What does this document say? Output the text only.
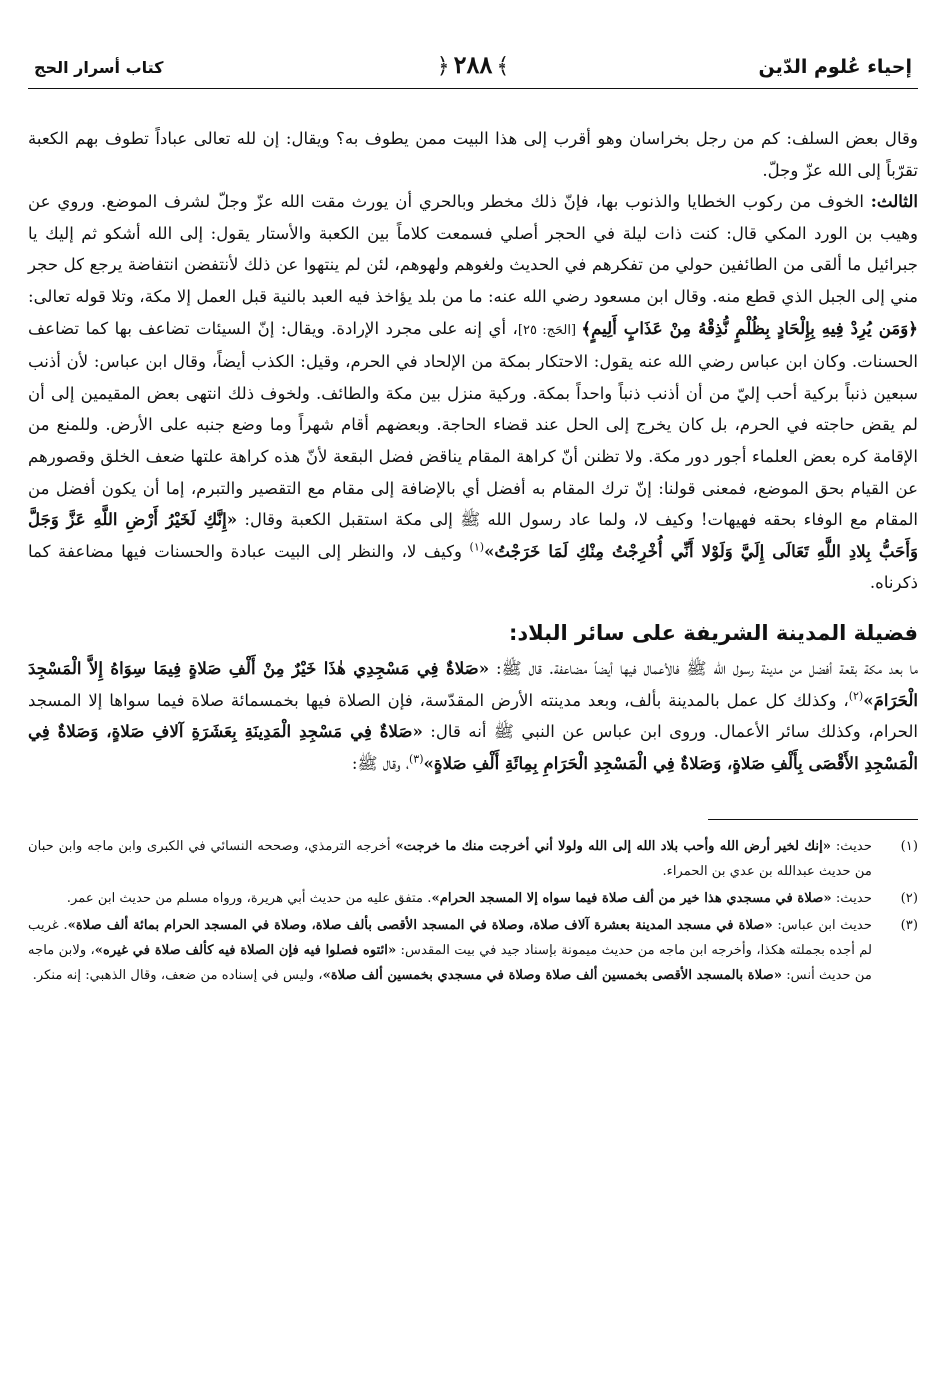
إحياء عُلوم الدّين
﴾٢٨٨﴿
كتاب أسرار الحج

وقال بعض السلف: كم من رجل بخراسان وهو أقرب إلى هذا البيت ممن يطوف به؟ ويقال: إن لله تعالى عباداً تطوف بهم الكعبة تقرّباً إلى الله عزّ وجلّ.

الثالث: الخوف من ركوب الخطايا والذنوب بها، فإنّ ذلك مخطر وبالحري أن يورث مقت الله عزّ وجلّ لشرف الموضع. وروي عن وهيب بن الورد المكي قال: كنت ذات ليلة في الحجر أصلي فسمعت كلاماً بين الكعبة والأستار يقول: إلى الله أشكو ثم إليك يا جبرائيل ما ألقى من الطائفين حولي من تفكرهم في الحديث ولغوهم ولهوهم، لئن لم ينتهوا عن ذلك لأنتفضن انتفاضة يرجع كل حجر مني إلى الجبل الذي قطع منه. وقال ابن مسعود رضي الله عنه: ما من بلد يؤاخذ فيه العبد بالنية قبل العمل إلا مكة، وتلا قوله تعالى: ﴿وَمَن يُرِدْ فِيهِ بِإِلْحَادٍ بِظُلْمٍ نُّذِقْهُ مِنْ عَذَابٍ أَلِيمٍ﴾ [الحَج: ٢٥]، أي إنه على مجرد الإرادة. ويقال: إنّ السيئات تضاعف بها كما تضاعف الحسنات. وكان ابن عباس رضي الله عنه يقول: الاحتكار بمكة من الإلحاد في الحرم، وقيل: الكذب أيضاً، وقال ابن عباس: لأن أذنب سبعين ذنباً بركية أحب إليّ من أن أذنب ذنباً واحداً بمكة. وركية منزل بين مكة والطائف. ولخوف ذلك انتهى بعض المقيمين إلى أن لم يقض حاجته في الحرم، بل كان يخرج إلى الحل عند قضاء الحاجة. وبعضهم أقام شهراً وما وضع جنبه على الأرض. وللمنع من الإقامة كره بعض العلماء أجور دور مكة. ولا تظنن أنّ كراهة المقام يناقض فضل البقعة لأنّ هذه كراهة علتها ضعف الخلق وقصورهم عن القيام بحق الموضع، فمعنى قولنا: إنّ ترك المقام به أفضل أي بالإضافة إلى مقام مع التقصير والتبرم، إما أن يكون أفضل من المقام مع الوفاء بحقه فهيهات! وكيف لا، ولما عاد رسول الله ﷺ إلى مكة استقبل الكعبة وقال: «إِنَّكِ لَخَيْرُ أَرْضِ اللَّهِ عَزَّ وَجَلَّ وَأَحَبُّ بِلادِ اللَّهِ تَعَالَى إِلَيَّ وَلَوْلا أَنِّي أُخْرِجْتُ مِنْكِ لَمَا خَرَجْتُ»$^{(١)}$ وكيف لا، والنظر إلى البيت عبادة والحسنات فيها مضاعفة كما ذكرناه.

فضيلة المدينة الشريفة على سائر البلاد:

ما بعد مكة بقعة أفضل من مدينة رسول الله ﷺ فالأعمال فيها أيضاً مضاعفة. قال ﷺ: «صَلاةٌ فِي مَسْجِدِي هٰذَا خَيْرٌ مِنْ أَلْفِ صَلاةٍ فِيمَا سِوَاهُ إِلاَّ الْمَسْجِدَ الْحَرَامَ»$^{(٢)}$، وكذلك كل عمل بالمدينة بألف، وبعد مدينته الأرض المقدّسة، فإن الصلاة فيها بخمسمائة صلاة فيما سواها إلا المسجد الحرام، وكذلك سائر الأعمال. وروى ابن عباس عن النبي ﷺ أنه قال: «صَلاةٌ فِي مَسْجِدِ الْمَدِينَةِ بِعَشَرَةِ آلافِ صَلاةٍ، وَصَلاةٌ فِي الْمَسْجِدِ الأَقْصَى بِأَلْفِ صَلاةٍ، وَصَلاةٌ فِي الْمَسْجِدِ الْحَرَامِ بِمِائَةِ أَلْفِ صَلاةٍ»$^{(٣)}$، وقال ﷺ:

(١)
حديث: «إنك لخير أرض الله وأحب بلاد الله إلى الله ولولا أني أخرجت منك ما خرجت» أخرجه الترمذي، وصححه النسائي في الكبرى وابن ماجه وابن حبان من حديث عبدالله بن عدي بن الحمراء.
(٢)
حديث: «صلاة في مسجدي هذا خير من ألف صلاة فيما سواه إلا المسجد الحرام». متفق عليه من حديث أبي هريرة، ورواه مسلم من حديث ابن عمر.
(٣)
حديث ابن عباس: «صلاة في مسجد المدينة بعشرة آلاف صلاة، وصلاة في المسجد الأقصى بألف صلاة، وصلاة في المسجد الحرام بمائة ألف صلاة». غريب لم أجده بجملته هكذا، وأخرجه ابن ماجه من حديث ميمونة بإسناد جيد في بيت المقدس: «ائتوه فصلوا فيه فإن الصلاة فيه كألف صلاة في غيره»، ولابن ماجه من حديث أنس: «صلاة بالمسجد الأقصى بخمسين ألف صلاة وصلاة في مسجدي بخمسين ألف صلاة»، وليس في إسناده من ضعف، وقال الذهبي: إنه منكر.
